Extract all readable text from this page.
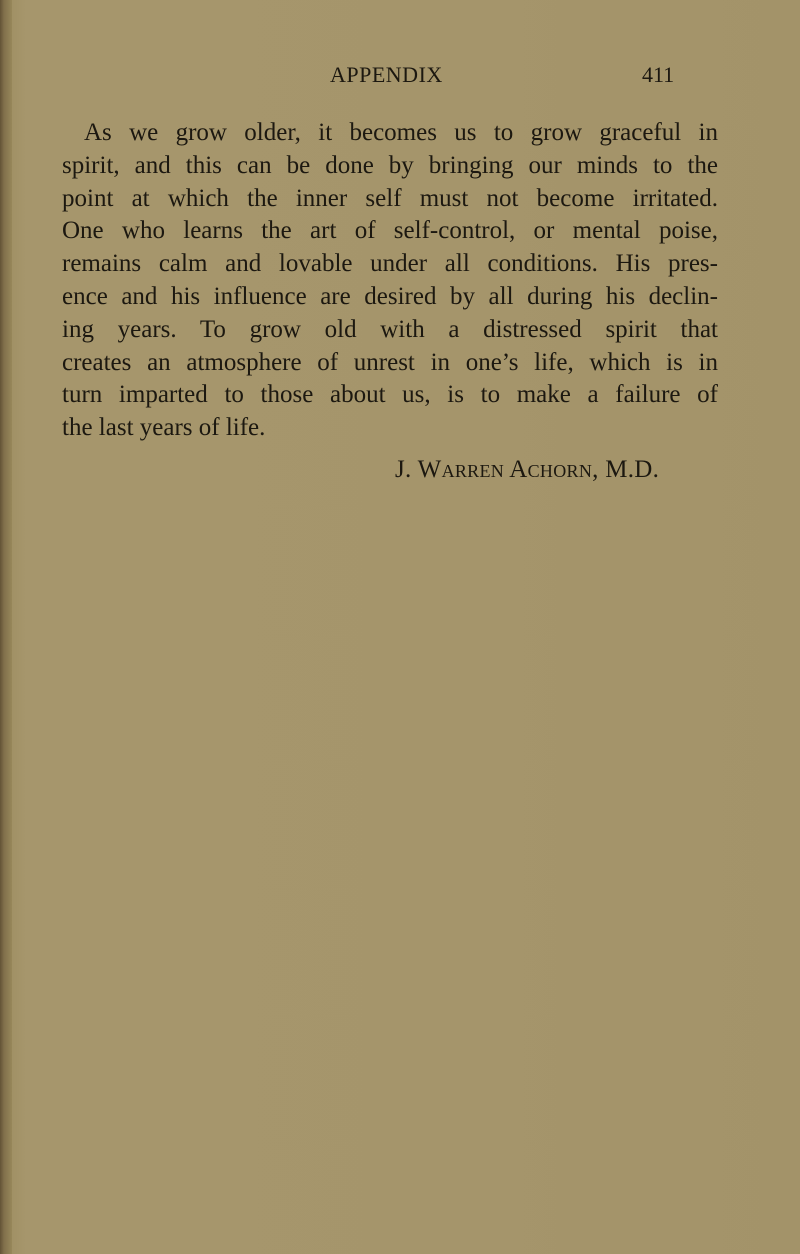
APPENDIX	411
As we grow older, it becomes us to grow graceful in
spirit, and this can be done by bringing our minds to the
point at which the inner self must not become irritated.
One who learns the art of self-control, or mental poise,
remains calm and lovable under all conditions. His pres-
ence and his influence are desired by all during his declin-
ing years. To grow old with a distressed spirit that
creates an atmosphere of unrest in one’s life, which is in
turn imparted to those about us, is to make a failure of
the last years of life.
J. Warren Achorn, M.D.
